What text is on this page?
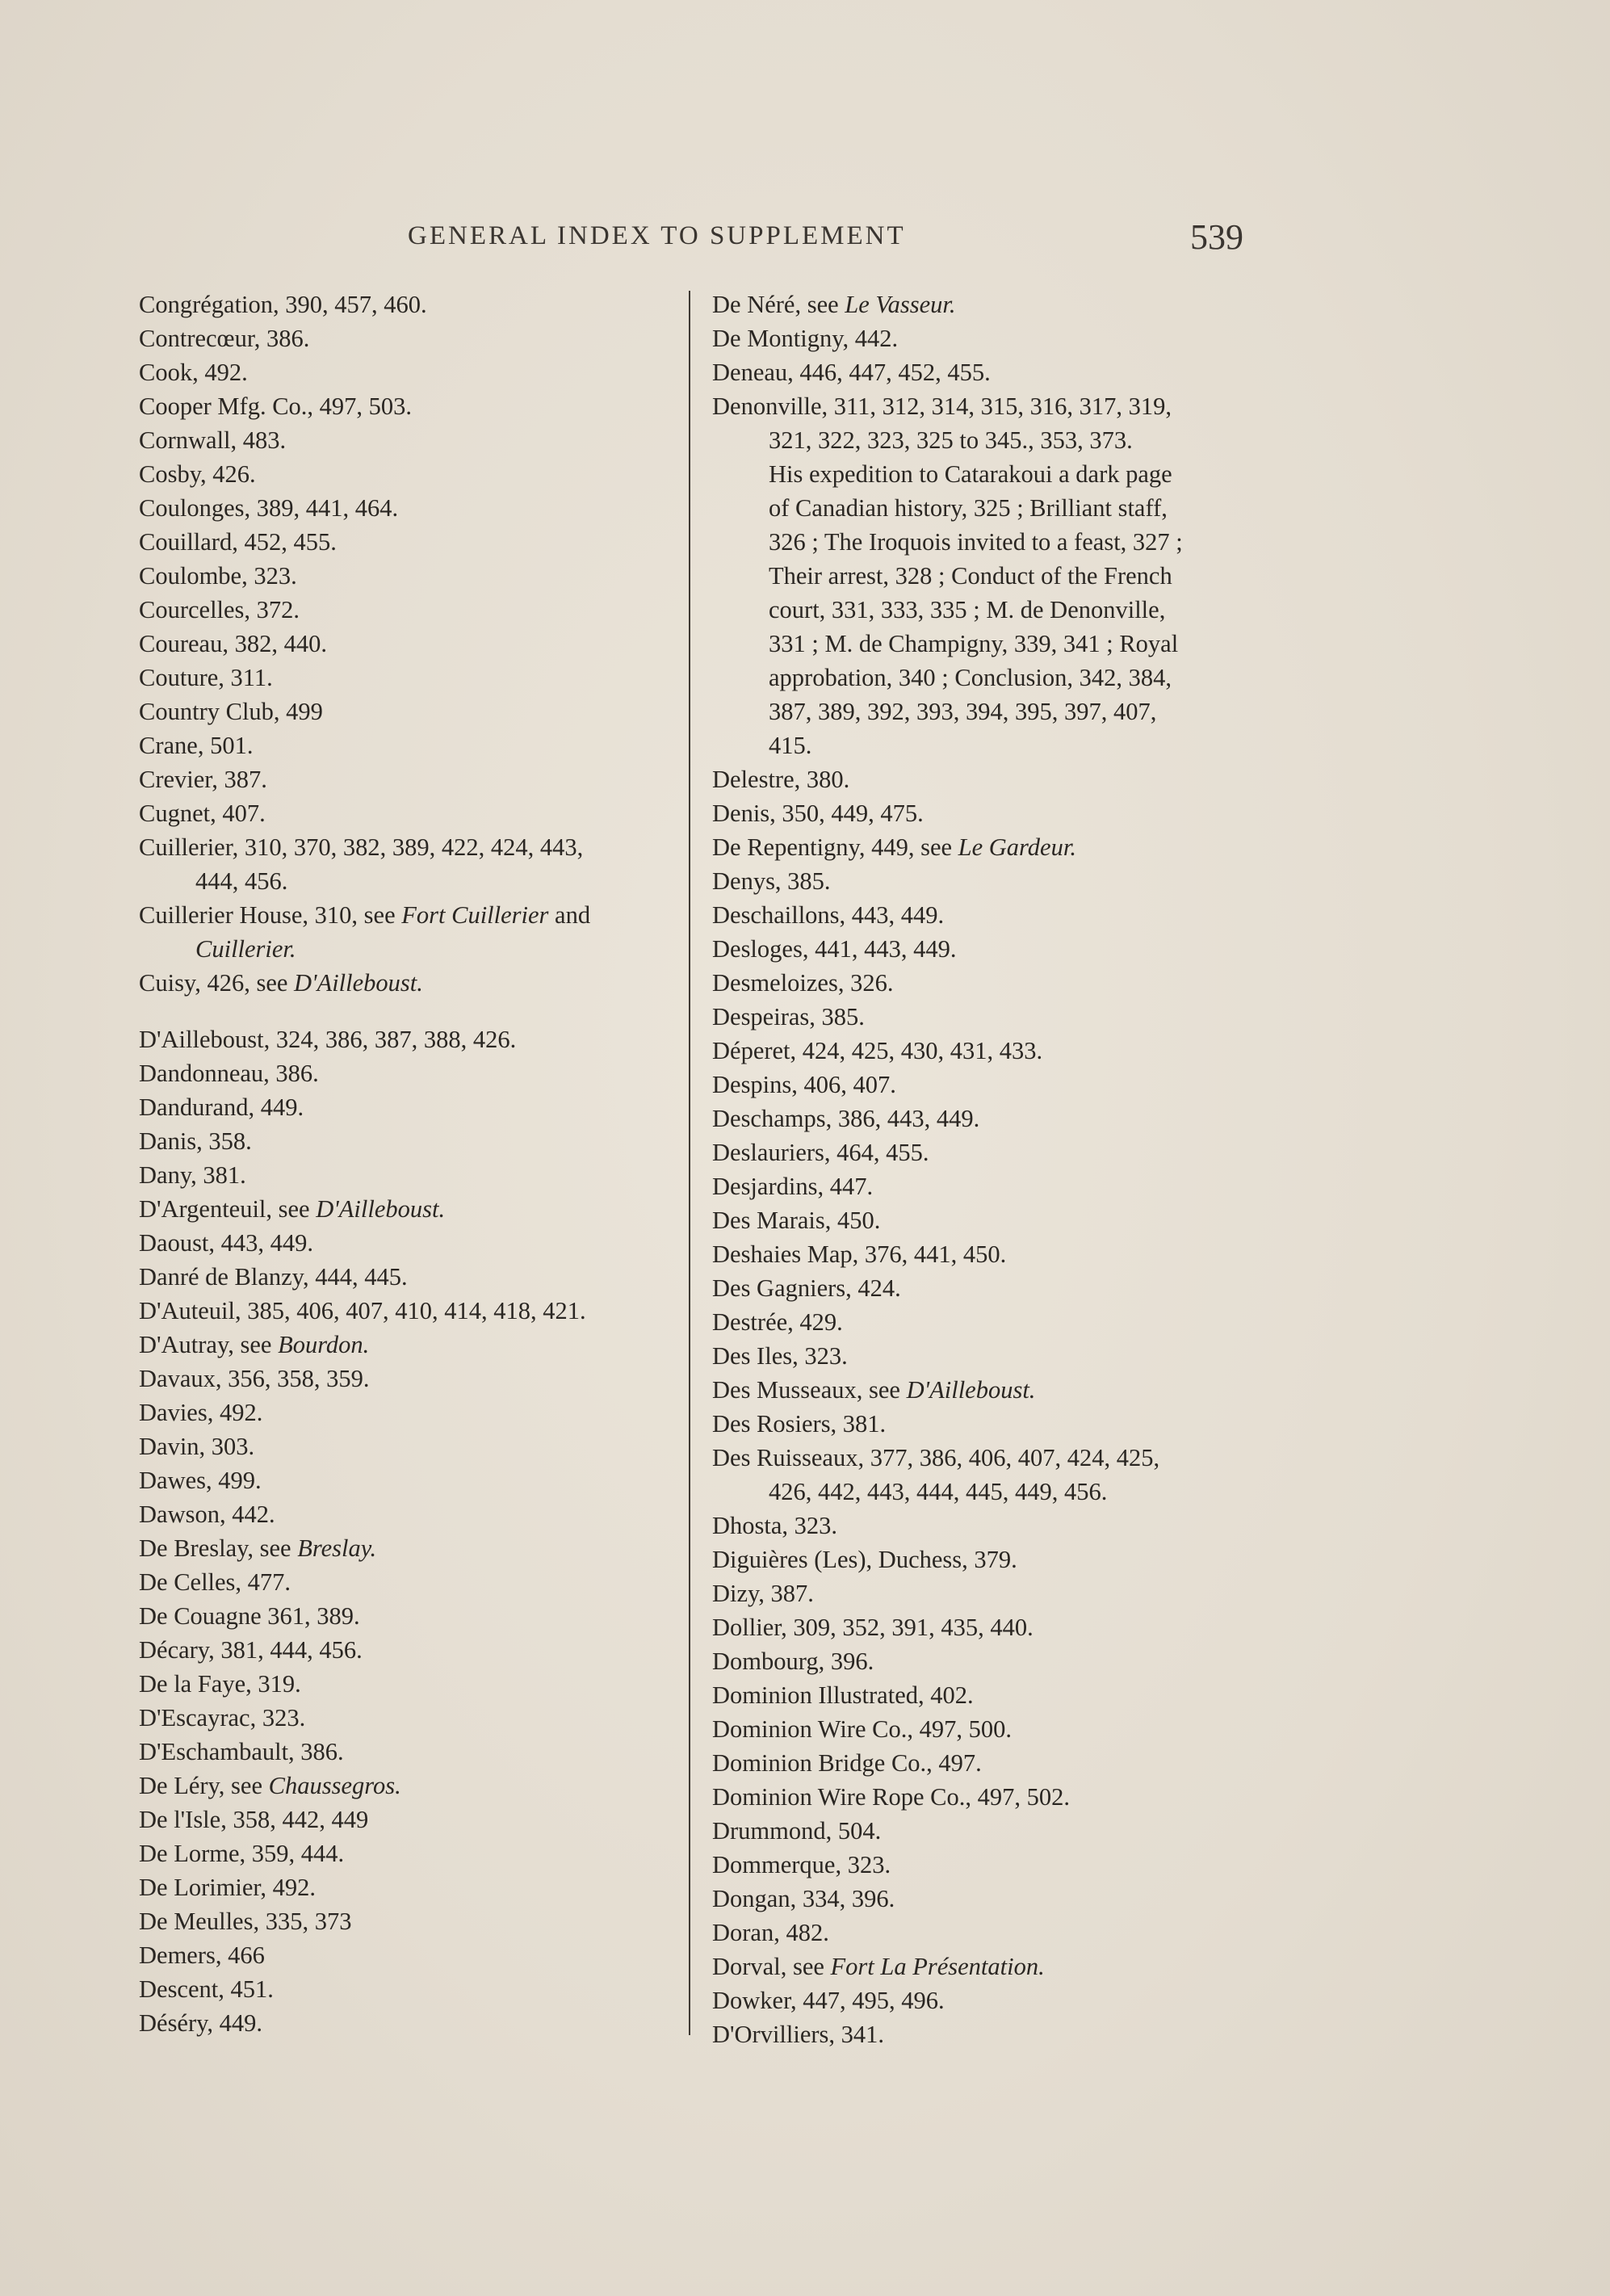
GENERAL INDEX TO SUPPLEMENT	539
Congrégation, 390, 457, 460.
Contrecœur, 386.
Cook, 492.
Cooper Mfg. Co., 497, 503.
Cornwall, 483.
Cosby, 426.
Coulonges, 389, 441, 464.
Couillard, 452, 455.
Coulombe, 323.
Courcelles, 372.
Coureau, 382, 440.
Couture, 311.
Country Club, 499
Crane, 501.
Crevier, 387.
Cugnet, 407.
Cuillerier, 310, 370, 382, 389, 422, 424, 443,
444, 456.
Cuillerier House, 310, see Fort Cuillerier and
Cuillerier.
Cuisy, 426, see D'Ailleboust.
D'Ailleboust, 324, 386, 387, 388, 426.
Dandonneau, 386.
Dandurand, 449.
Danis, 358.
Dany, 381.
D'Argenteuil, see D'Ailleboust.
Daoust, 443, 449.
Danré de Blanzy, 444, 445.
D'Auteuil, 385, 406, 407, 410, 414, 418, 421.
D'Autray, see Bourdon.
Davaux, 356, 358, 359.
Davies, 492.
Davin, 303.
Dawes, 499.
Dawson, 442.
De Breslay, see Breslay.
De Celles, 477.
De Couagne 361, 389.
Décary, 381, 444, 456.
De la Faye, 319.
D'Escayrac, 323.
D'Eschambault, 386.
De Léry, see Chaussegros.
De l'Isle, 358, 442, 449
De Lorme, 359, 444.
De Lorimier, 492.
De Meulles, 335, 373
Demers, 466
Descent, 451.
Déséry, 449.
De Néré, see Le Vasseur.
De Montigny, 442.
Deneau, 446, 447, 452, 455.
Denonville, 311, 312, 314, 315, 316, 317, 319,
321, 322, 323, 325 to 345., 353, 373.
His expedition to Catarakoui a dark page
of Canadian history, 325 ; Brilliant staff,
326 ; The Iroquois invited to a feast, 327 ;
Their arrest, 328 ; Conduct of the French
court, 331, 333, 335 ; M. de Denonville,
331 ; M. de Champigny, 339, 341 ; Royal
approbation, 340 ; Conclusion, 342, 384,
387, 389, 392, 393, 394, 395, 397, 407,
415.
Delestre, 380.
Denis, 350, 449, 475.
De Repentigny, 449, see Le Gardeur.
Denys, 385.
Deschaillons, 443, 449.
Desloges, 441, 443, 449.
Desmeloizes, 326.
Despeiras, 385.
Déperet, 424, 425, 430, 431, 433.
Despins, 406, 407.
Deschamps, 386, 443, 449.
Deslauriers, 464, 455.
Desjardins, 447.
Des Marais, 450.
Deshaies Map, 376, 441, 450.
Des Gagniers, 424.
Destrée, 429.
Des Iles, 323.
Des Musseaux, see D'Ailleboust.
Des Rosiers, 381.
Des Ruisseaux, 377, 386, 406, 407, 424, 425,
426, 442, 443, 444, 445, 449, 456.
Dhosta, 323.
Diguières (Les), Duchess, 379.
Dizy, 387.
Dollier, 309, 352, 391, 435, 440.
Dombourg, 396.
Dominion Illustrated, 402.
Dominion Wire Co., 497, 500.
Dominion Bridge Co., 497.
Dominion Wire Rope Co., 497, 502.
Drummond, 504.
Dommerque, 323.
Dongan, 334, 396.
Doran, 482.
Dorval, see Fort La Présentation.
Dowker, 447, 495, 496.
D'Orvilliers, 341.
